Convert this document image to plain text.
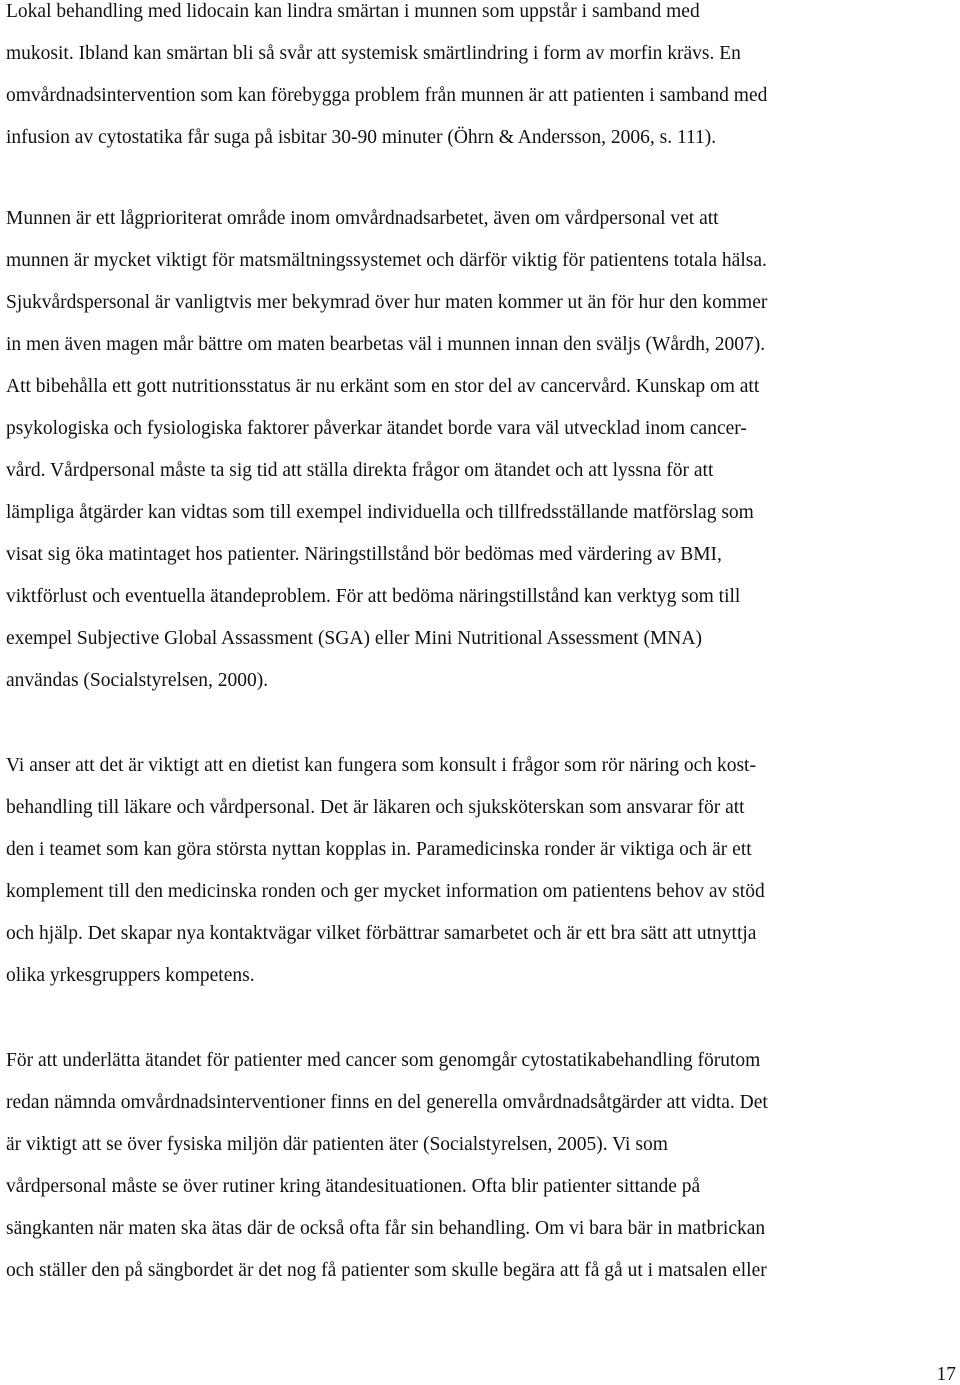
Lokal behandling med lidocain kan lindra smärtan i munnen som uppstår i samband med
mukosit. Ibland kan smärtan bli så svår att systemisk smärtlindring i form av morfin krävs. En
omvårdnadsintervention som kan förebygga problem från munnen är att patienten i samband med
infusion av cytostatika får suga på isbitar 30-90 minuter (Öhrn & Andersson, 2006, s. 111).
Munnen är ett lågprioriterat område inom omvårdnadsarbetet, även om vårdpersonal vet att
munnen är mycket viktigt för matsmältningssystemet och därför viktig för patientens totala hälsa.
Sjukvårdspersonal är vanligtvis mer bekymrad över hur maten kommer ut än för hur den kommer
in men även magen mår bättre om maten bearbetas väl i munnen innan den sväljs (Wårdh, 2007).
Att bibehålla ett gott nutritionsstatus är nu erkänt som en stor del av cancervård. Kunskap om att
psykologiska och fysiologiska faktorer påverkar ätandet borde vara väl utvecklad inom cancer-
vård. Vårdpersonal måste ta sig tid att ställa direkta frågor om ätandet och att lyssna för att
lämpliga åtgärder kan vidtas som till exempel individuella och tillfredsställande matförslag som
visat sig öka matintaget hos patienter. Näringstillstånd bör bedömas med värdering av BMI,
viktförlust och eventuella ätandeproblem. För att bedöma näringstillstånd kan verktyg som till
exempel Subjective Global Assassment (SGA) eller Mini Nutritional Assessment (MNA)
användas (Socialstyrelsen, 2000).
Vi anser att det är viktigt att en dietist kan fungera som konsult i frågor som rör näring och kost-
behandling till läkare och vårdpersonal. Det är läkaren och sjuksköterskan som ansvarar för att
den i teamet som kan göra största nyttan kopplas in. Paramedicinska ronder är viktiga och är ett
komplement till den medicinska ronden och ger mycket information om patientens behov av stöd
och hjälp. Det skapar nya kontaktvägar vilket förbättrar samarbetet och är ett bra sätt att utnyttja
olika yrkesgruppers kompetens.
För att underlätta ätandet för patienter med cancer som genomgår cytostatikabehandling förutom
redan nämnda omvårdnadsinterventioner finns en del generella omvårdnadsåtgärder att vidta. Det
är viktigt att se över fysiska miljön där patienten äter (Socialstyrelsen, 2005). Vi som
vårdpersonal måste se över rutiner kring ätandesituationen. Ofta blir patienter sittande på
sängkanten när maten ska ätas där de också ofta får sin behandling. Om vi bara bär in matbrickan
och ställer den på sängbordet är det nog få patienter som skulle begära att få gå ut i matsalen eller
17
